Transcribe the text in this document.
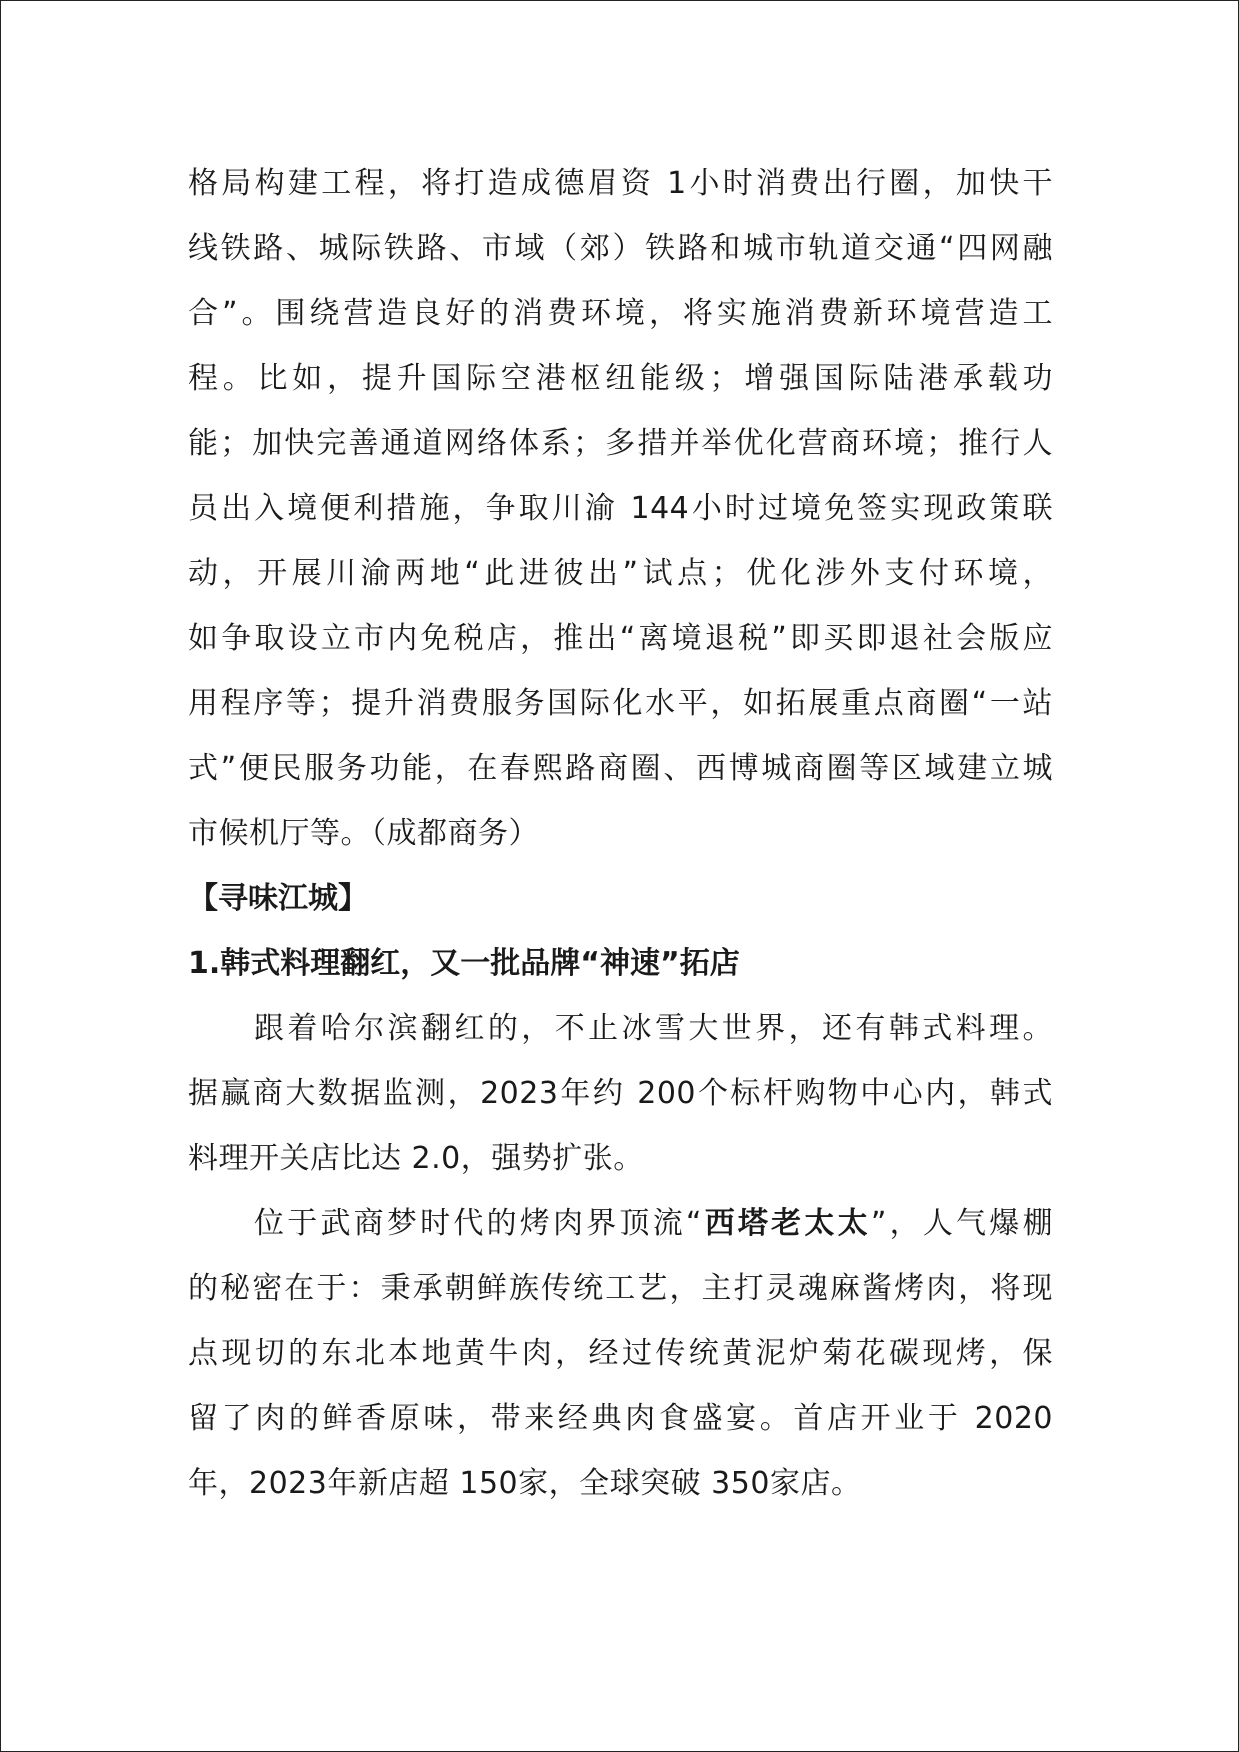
格局构建工程，将打造成德眉资 1小时消费出行圈，加快干
线铁路、城际铁路、市域（郊）铁路和城市轨道交通“四网融
合”。围绕营造良好的消费环境，将实施消费新环境营造工
程。比如，提升国际空港枢纽能级；增强国际陆港承载功
能；加快完善通道网络体系；多措并举优化营商环境；推行人
员出入境便利措施，争取川渝 144小时过境免签实现政策联
动，开展川渝两地“此进彼出”试点；优化涉外支付环境，
如争取设立市内免税店，推出“离境退税”即买即退社会版应
用程序等；提升消费服务国际化水平，如拓展重点商圈“一站
式”便民服务功能，在春熙路商圈、西博城商圈等区域建立城
市候机厅等。（成都商务）
【寻味江城】
1.韩式料理翻红，又一批品牌“神速”拓店
跟着哈尔滨翻红的，不止冰雪大世界，还有韩式料理。
据赢商大数据监测，2023年约 200个标杆购物中心内，韩式
料理开关店比达 2.0，强势扩张。
位于武商梦时代的烤肉界顶流“西塔老太太”，人气爆棚
的秘密在于：秉承朝鲜族传统工艺，主打灵魂麻酱烤肉，将现
点现切的东北本地黄牛肉，经过传统黄泥炉菊花碳现烤，保
留了肉的鲜香原味，带来经典肉食盛宴。首店开业于 2020
年，2023年新店超 150家，全球突破 350家店。
